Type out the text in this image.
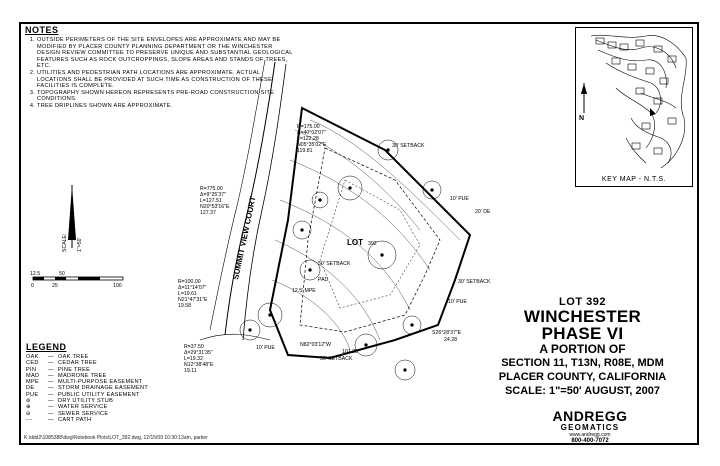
NOTES
1. OUTSIDE PERIMETERS OF THE SITE ENVELOPES ARE APPROXIMATE AND MAY BE MODIFIED BY PLACER COUNTY PLANNING DEPARTMENT OR THE WINCHESTER DESIGN REVIEW COMMITTEE TO PRESERVE UNIQUE AND SUBSTANTIAL GEOLOGICAL FEATURES SUCH AS ROCK OUTCROPPINGS, SLOPE AREAS AND STANDS OF TREES, ETC.
2. UTILITIES AND PEDESTRIAN PATH LOCATIONS ARE APPROXIMATE. ACTUAL LOCATIONS SHALL BE PROVIDED AT SUCH TIME AS CONSTRUCTION OF THESE FACILITIES IS COMPLETE.
3. TOPOGRAPHY SHOWN HEREON REPRESENTS PRE-ROAD CONSTRUCTION SITE CONDITIONS.
4. TREE DRIPLINES SHOWN ARE APPROXIMATE.
SCALE: 1"=50'
12.5	50
0	25	100
SUMMIT VIEW COURT	LOT 392
PAD
12.5' MPE
50' SETBACK
30' SETBACK
30' SETBACK
30' SETBACK
10' PUE
10' PUE
10' PUE
20' DE
R=175.00
Δ=40°02'07"
L=122.28
N05°35'02"E
119.81
R=775.00
Δ=9°25'37"
L=127.51
N20°53'16"E
127.37
R=100.00
Δ=11°14'07"
L=19.61
N21°47'31"E
19.58
R=37.50
Δ=29°31'35"
L=19.32
N12°38'48"E
19.11
S26°28'37"E
24.28
N82°03'12"W
101.28
N
KEY MAP - N.T.S.
LEGEND
OAK	— OAK TREE
CED	— CEDAR TREE
PIN	— PINE TREE
MAD	— MADRONE TREE
MPE	— MULTI-PURPOSE EASEMENT
DE	— STORM DRAINAGE EASEMENT
PUE	— PUBLIC UTILITY EASEMENT
⊚	— DRY UTILITY STUB
⊕	— WATER SERVICE
⊖	— SEWER SERVICE
---	— CART PATH
LOT 392
WINCHESTER
PHASE VI
A PORTION OF
SECTION 11, T13N, R08E, MDM
PLACER COUNTY, CALIFORNIA
SCALE: 1"=50' AUGUST, 2007
ANDREGG
GEOMATICS
www.andregg.com
800-400-7072
K:\ddd2\1085388\dwg\Notebook Plots\LOT_392.dwg, 12/15/09 10:30:13am, parker
